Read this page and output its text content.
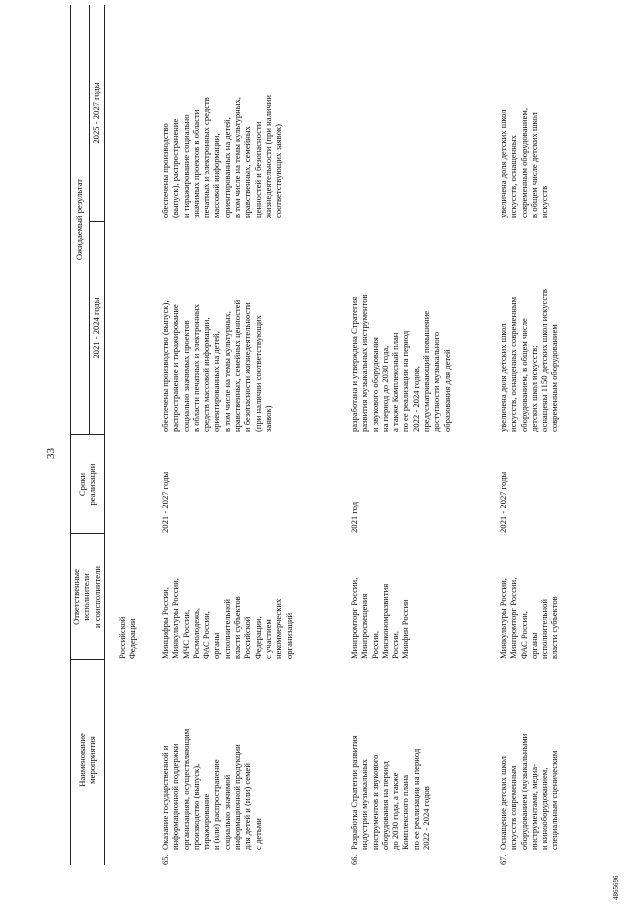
33
Наименование
мероприятия
Ответственные
исполнители
и соисполнители
Сроки
реализации
Ожидаемый результат
2021 - 2024 годы
2025 - 2027 годы
Российской
Федерации
65.
Оказание государственной и
информационной поддержки
организациям, осуществляющим
производство (выпуск),
тиражирование
и (или) распространение
социально значимой
информационной продукции
для детей и (или) семей
с детьми
Минцифры России,
Минкультуры России,
МЧС России,
Росмолодежь,
ФАС России,
органы
исполнительной
власти субъектов
Российской
Федерации,
с участием
некоммерческих
организаций
2021 - 2027 годы
обеспечены производство (выпуск),
распространение и тиражирование
социально значимых проектов
в области печатных и электронных
средств массовой информации,
ориентированных на детей,
в том числе на темы культурных,
нравственных, семейных ценностей
и безопасности жизнедеятельности
(при наличии соответствующих
заявок)
обеспечены производство
(выпуск), распространение
и тиражирование социально
значимых проектов в области
печатных и электронных средств
массовой информации,
ориентированных на детей,
в том числе на темы культурных,
нравственных, семейных
ценностей и безопасности
жизнедеятельности (при наличии
соответствующих заявок)
66.
Разработка Стратегии развития
индустрии музыкальных
инструментов и звукового
оборудования на период
до 2030 года, а также
Комплексного плана
по ее реализации на период
2022 - 2024 годов
Минпромторг России,
Минпросвещения
России,
Минэкономразвития
России,
Минфин России
2021 год
разработана и утверждена Стратегия
развития музыкальных инструментов
и звукового оборудования
на период до 2030 года,
а также Комплексный план
по ее реализации на период
2022 - 2024 годов,
предусматривающий повышение
доступности музыкального
образования для детей
67.
Оснащение детских школ
искусств современным
оборудованием (музыкальными
инструментами, медиа-
и кинооборудованием,
специальным сценическим
Минкультуры России,
Минпромторг России,
ФАС России,
органы
исполнительной
власти субъектов
2021 - 2027 годы
увеличена доля детских школ
искусств, оснащенных современным
оборудованием, в общем числе
детских школ искусств;
оснащены 1150 детских школ искусств
современным оборудованием
увеличена доля детских школ
искусств, оснащенных
современным оборудованием,
в общем числе детских школ
искусств
4865696
